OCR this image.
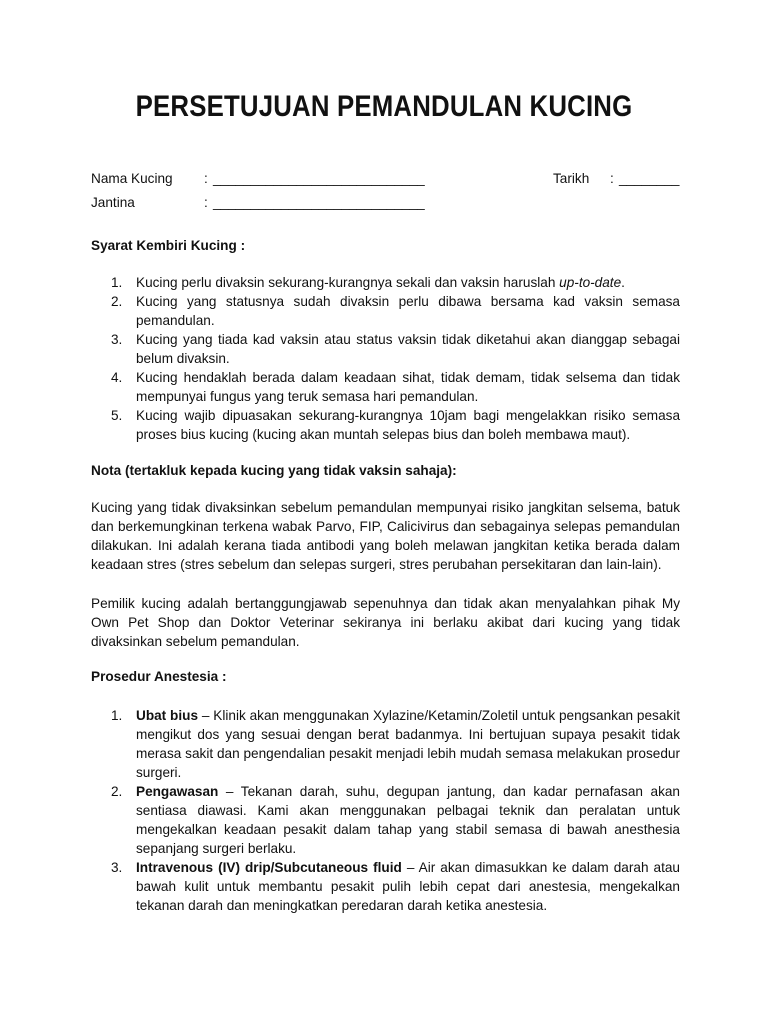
PERSETUJUAN PEMANDULAN KUCING
Nama Kucing : ____________________________	Tarikh : ________
Jantina	: ____________________________
Syarat Kembiri Kucing :
1. Kucing perlu divaksin sekurang-kurangnya sekali dan vaksin haruslah up-to-date.
2. Kucing yang statusnya sudah divaksin perlu dibawa bersama kad vaksin semasa pemandulan.
3. Kucing yang tiada kad vaksin atau status vaksin tidak diketahui akan dianggap sebagai belum divaksin.
4. Kucing hendaklah berada dalam keadaan sihat, tidak demam, tidak selsema dan tidak mempunyai fungus yang teruk semasa hari pemandulan.
5. Kucing wajib dipuasakan sekurang-kurangnya 10jam bagi mengelakkan risiko semasa proses bius kucing (kucing akan muntah selepas bius dan boleh membawa maut).
Nota (tertakluk kepada kucing yang tidak vaksin sahaja):

Kucing yang tidak divaksinkan sebelum pemandulan mempunyai risiko jangkitan selsema, batuk dan berkemungkinan terkena wabak Parvo, FIP, Calicivirus dan sebagainya selepas pemandulan dilakukan. Ini adalah kerana tiada antibodi yang boleh melawan jangkitan ketika berada dalam keadaan stres (stres sebelum dan selepas surgeri, stres perubahan persekitaran dan lain-lain).

Pemilik kucing adalah bertanggungjawab sepenuhnya dan tidak akan menyalahkan pihak My Own Pet Shop dan Doktor Veterinar sekiranya ini berlaku akibat dari kucing yang tidak divaksinkan sebelum pemandulan.

Prosedur Anestesia :
1. Ubat bius – Klinik akan menggunakan Xylazine/Ketamin/Zoletil untuk pengsankan pesakit mengikut dos yang sesuai dengan berat badanmya. Ini bertujuan supaya pesakit tidak merasa sakit dan pengendalian pesakit menjadi lebih mudah semasa melakukan prosedur surgeri.
2. Pengawasan – Tekanan darah, suhu, degupan jantung, dan kadar pernafasan akan sentiasa diawasi. Kami akan menggunakan pelbagai teknik dan peralatan untuk mengekalkan keadaan pesakit dalam tahap yang stabil semasa di bawah anesthesia sepanjang surgeri berlaku.
3. Intravenous (IV) drip/Subcutaneous fluid – Air akan dimasukkan ke dalam darah atau bawah kulit untuk membantu pesakit pulih lebih cepat dari anestesia, mengekalkan tekanan darah dan meningkatkan peredaran darah ketika anestesia.
